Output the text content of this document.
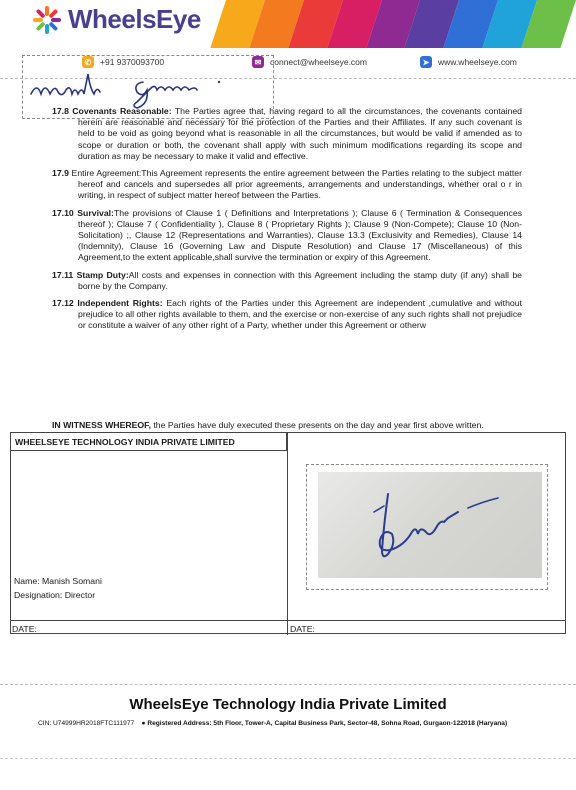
WheelsEye
✆	+91 9370093700	✉	connect@wheelseye.com	➤	www.wheelseye.com
17.8 Covenants Reasonable: The Parties agree that, having regard to all the circumstances, the covenants contained herein are reasonable and necessary for the protection of the Parties and their Affiliates. If any such covenant is held to be void as going beyond what is reasonable in all the circumstances, but would be valid if amended as to scope or duration or both, the covenant shall apply with such minimum modifications regarding its scope and duration as may be necessary to make it valid and effective.
17.9 Entire Agreement:This Agreement represents the entire agreement between the Parties relating to the subject matter hereof and cancels and supersedes all prior agreements, arrangements and understandings, whether oral o r in writing, in respect of subject matter hereof between the Parties.
17.10 Survival:The provisions of Clause 1 ( Definitions and Interpretations ); Clause 6 ( Termination & Consequences thereof ); Clause 7 ( Confidentiality ), Clause 8 ( Proprietary Rights ); Clause 9 (Non-Compete); Clause 10 (Non-Solicitation) ;, Clause 12 (Representations and Warranties), Clause 13.3 (Exclusivity and Remedies), Clause 14 (Indemnity), Clause 16 (Governing Law and Dispute Resolution) and Clause 17 (Miscellaneous) of this Agreement,to the extent applicable,shall survive the termination or expiry of this Agreement.
17.11 Stamp Duty:All costs and expenses in connection with this Agreement including the stamp duty (if any) shall be borne by the Company.
17.12 Independent Rights: Each rights of the Parties under this Agreement are independent ,cumulative and without prejudice to all other rights available to them, and the exercise or non-exercise of any such rights shall not prejudice or constitute a waiver of any other right of a Party, whether under this Agreement or otherw
IN WITNESS WHEREOF, the Parties have duly executed these presents on the day and year first above written.
WHEELSEYE TECHNOLOGY INDIA PRIVATE LIMITED
Name: Manish Somani
Designation: Director
DATE:	DATE:
WheelsEye Technology India Private Limited
CIN: U74999HR2018FTC111977 ● Registered Address: 5th Floor, Tower-A, Capital Business Park, Sector-48, Sohna Road, Gurgaon-122018 (Haryana)
